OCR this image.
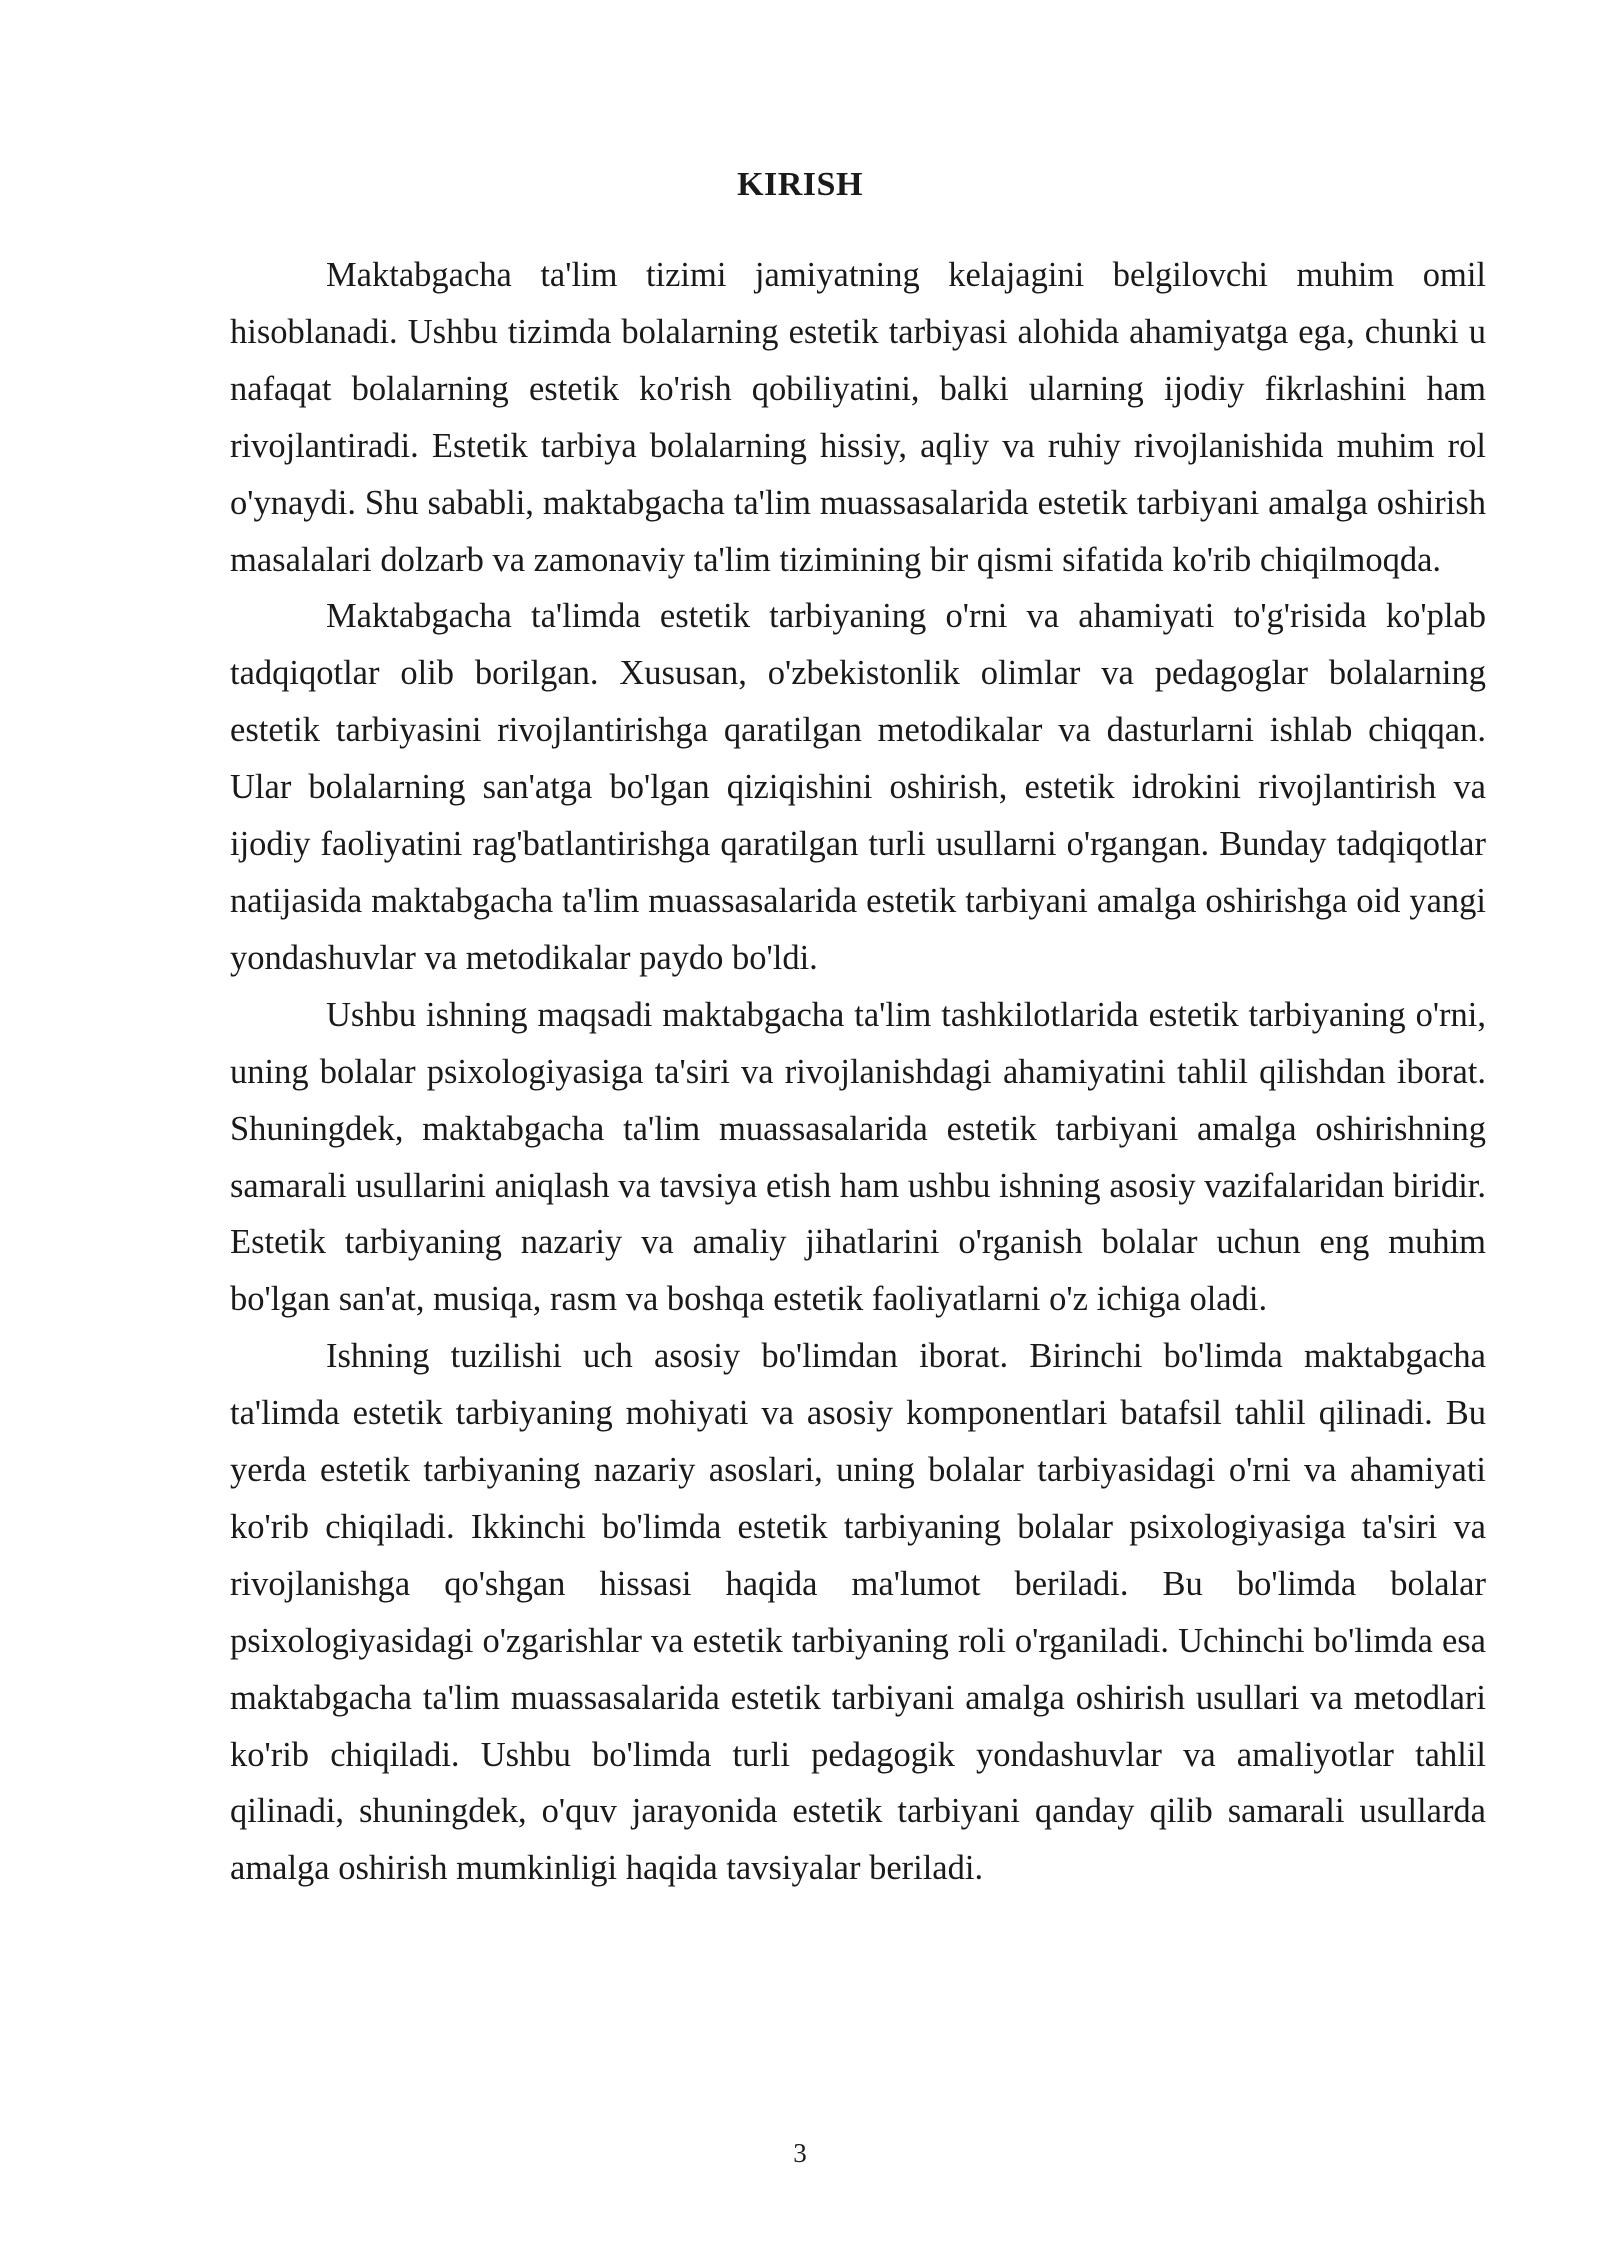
KIRISH

Maktabgacha ta'lim tizimi jamiyatning kelajagini belgilovchi muhim omil hisoblanadi. Ushbu tizimda bolalarning estetik tarbiyasi alohida ahamiyatga ega, chunki u nafaqat bolalarning estetik ko'rish qobiliyatini, balki ularning ijodiy fikrlashini ham rivojlantiradi. Estetik tarbiya bolalarning hissiy, aqliy va ruhiy rivojlanishida muhim rol o'ynaydi. Shu sababli, maktabgacha ta'lim muassasalarida estetik tarbiyani amalga oshirish masalalari dolzarb va zamonaviy ta'lim tizimining bir qismi sifatida ko'rib chiqilmoqda.

Maktabgacha ta'limda estetik tarbiyaning o'rni va ahamiyati to'g'risida ko'plab tadqiqotlar olib borilgan. Xususan, o'zbekistonlik olimlar va pedagoglar bolalarning estetik tarbiyasini rivojlantirishga qaratilgan metodikalar va dasturlarni ishlab chiqqan. Ular bolalarning san'atga bo'lgan qiziqishini oshirish, estetik idrokini rivojlantirish va ijodiy faoliyatini rag'batlantirishga qaratilgan turli usullarni o'rgangan. Bunday tadqiqotlar natijasida maktabgacha ta'lim muassasalarida estetik tarbiyani amalga oshirishga oid yangi yondashuvlar va metodikalar paydo bo'ldi.

Ushbu ishning maqsadi maktabgacha ta'lim tashkilotlarida estetik tarbiyaning o'rni, uning bolalar psixologiyasiga ta'siri va rivojlanishdagi ahamiyatini tahlil qilishdan iborat. Shuningdek, maktabgacha ta'lim muassasalarida estetik tarbiyani amalga oshirishning samarali usullarini aniqlash va tavsiya etish ham ushbu ishning asosiy vazifalaridan biridir. Estetik tarbiyaning nazariy va amaliy jihatlarini o'rganish bolalar uchun eng muhim bo'lgan san'at, musiqa, rasm va boshqa estetik faoliyatlarni o'z ichiga oladi.

Ishning tuzilishi uch asosiy bo'limdan iborat. Birinchi bo'limda maktabgacha ta'limda estetik tarbiyaning mohiyati va asosiy komponentlari batafsil tahlil qilinadi. Bu yerda estetik tarbiyaning nazariy asoslari, uning bolalar tarbiyasidagi o'rni va ahamiyati ko'rib chiqiladi. Ikkinchi bo'limda estetik tarbiyaning bolalar psixologiyasiga ta'siri va rivojlanishga qo'shgan hissasi haqida ma'lumot beriladi. Bu bo'limda bolalar psixologiyasidagi o'zgarishlar va estetik tarbiyaning roli o'rganiladi. Uchinchi bo'limda esa maktabgacha ta'lim muassasalarida estetik tarbiyani amalga oshirish usullari va metodlari ko'rib chiqiladi. Ushbu bo'limda turli pedagogik yondashuvlar va amaliyotlar tahlil qilinadi, shuningdek, o'quv jarayonida estetik tarbiyani qanday qilib samarali usullarda amalga oshirish mumkinligi haqida tavsiyalar beriladi.

3
